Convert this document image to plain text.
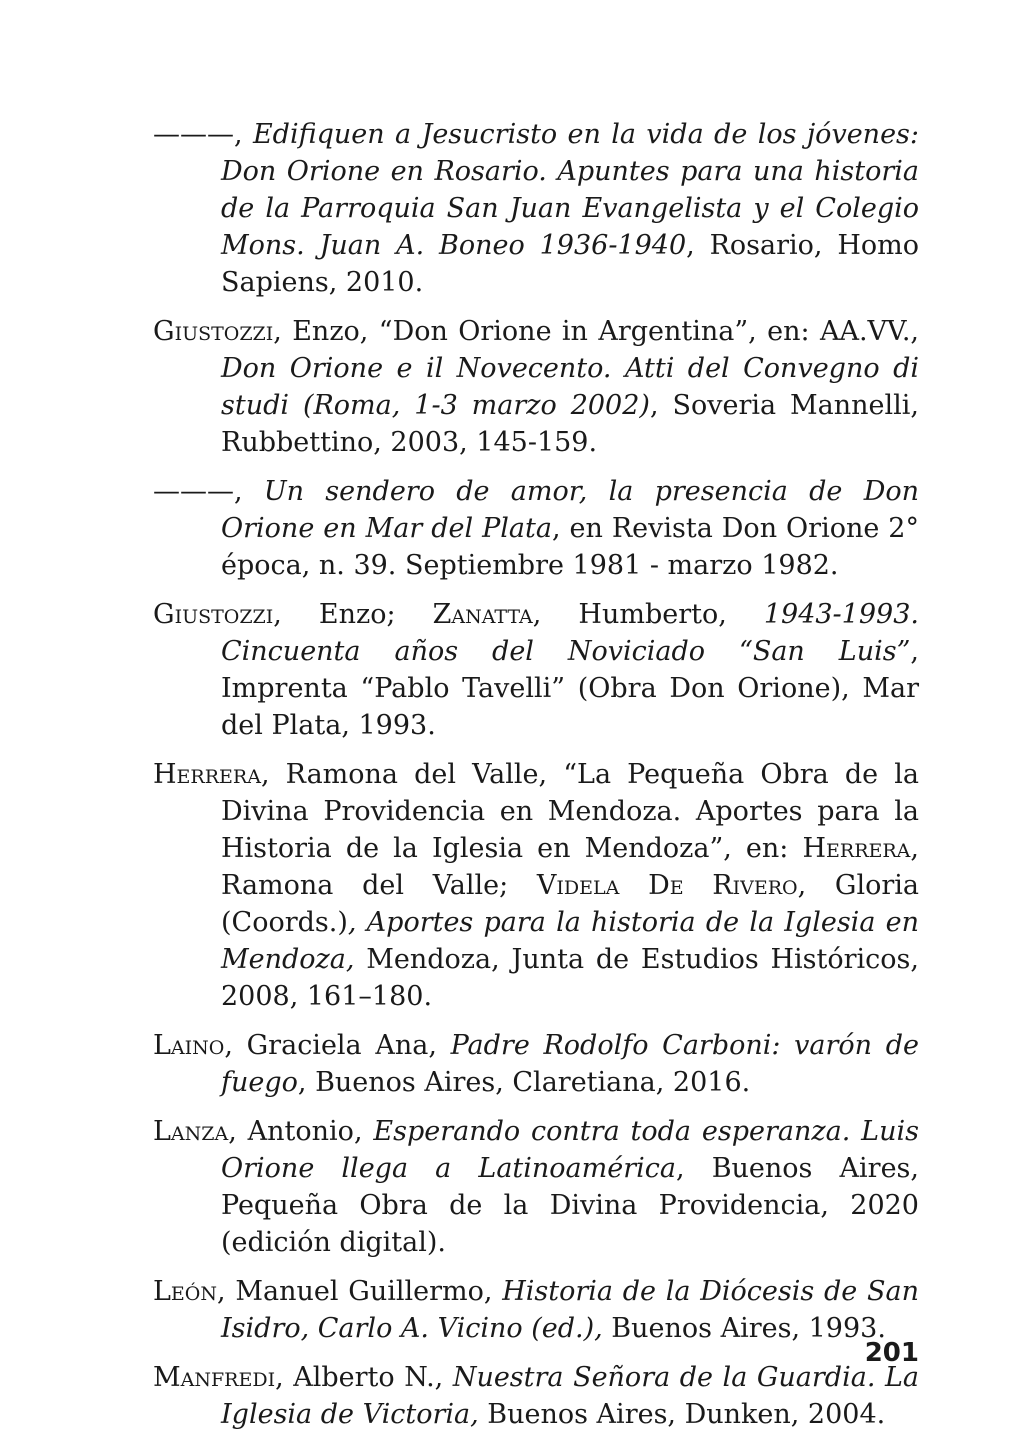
———, Edifiquen a Jesucristo en la vida de los jóvenes: Don Orione en Rosario. Apuntes para una historia de la Parroquia San Juan Evangelista y el Colegio Mons. Juan A. Boneo 1936-1940, Rosario, Homo Sapiens, 2010.

Giustozzi, Enzo, “Don Orione in Argentina”, en: AA.VV., Don Orione e il Novecento. Atti del Convegno di studi (Roma, 1-3 marzo 2002), Soveria Mannelli, Rubbettino, 2003, 145-159.

———, Un sendero de amor, la presencia de Don Orione en Mar del Plata, en Revista Don Orione 2° época, n. 39. Septiembre 1981 - marzo 1982.

Giustozzi, Enzo; Zanatta, Humberto, 1943-1993. Cincuenta años del Noviciado “San Luis”, Imprenta “Pablo Tavelli” (Obra Don Orione), Mar del Plata, 1993.

Herrera, Ramona del Valle, “La Pequeña Obra de la Divina Providencia en Mendoza. Aportes para la Historia de la Iglesia en Mendoza”, en: Herrera, Ramona del Valle; Videla De Rivero, Gloria (Coords.), Aportes para la historia de la Iglesia en Mendoza, Mendoza, Junta de Estudios Históricos, 2008, 161–180.

Laino, Graciela Ana, Padre Rodolfo Carboni: varón de fuego, Buenos Aires, Claretiana, 2016.

Lanza, Antonio, Esperando contra toda esperanza. Luis Orione llega a Latinoamérica, Buenos Aires, Pequeña Obra de la Divina Providencia, 2020 (edición digital).

León, Manuel Guillermo, Historia de la Diócesis de San Isidro, Carlo A. Vicino (ed.), Buenos Aires, 1993.

Manfredi, Alberto N., Nuestra Señora de la Guardia. La Iglesia de Victoria, Buenos Aires, Dunken, 2004.

201
